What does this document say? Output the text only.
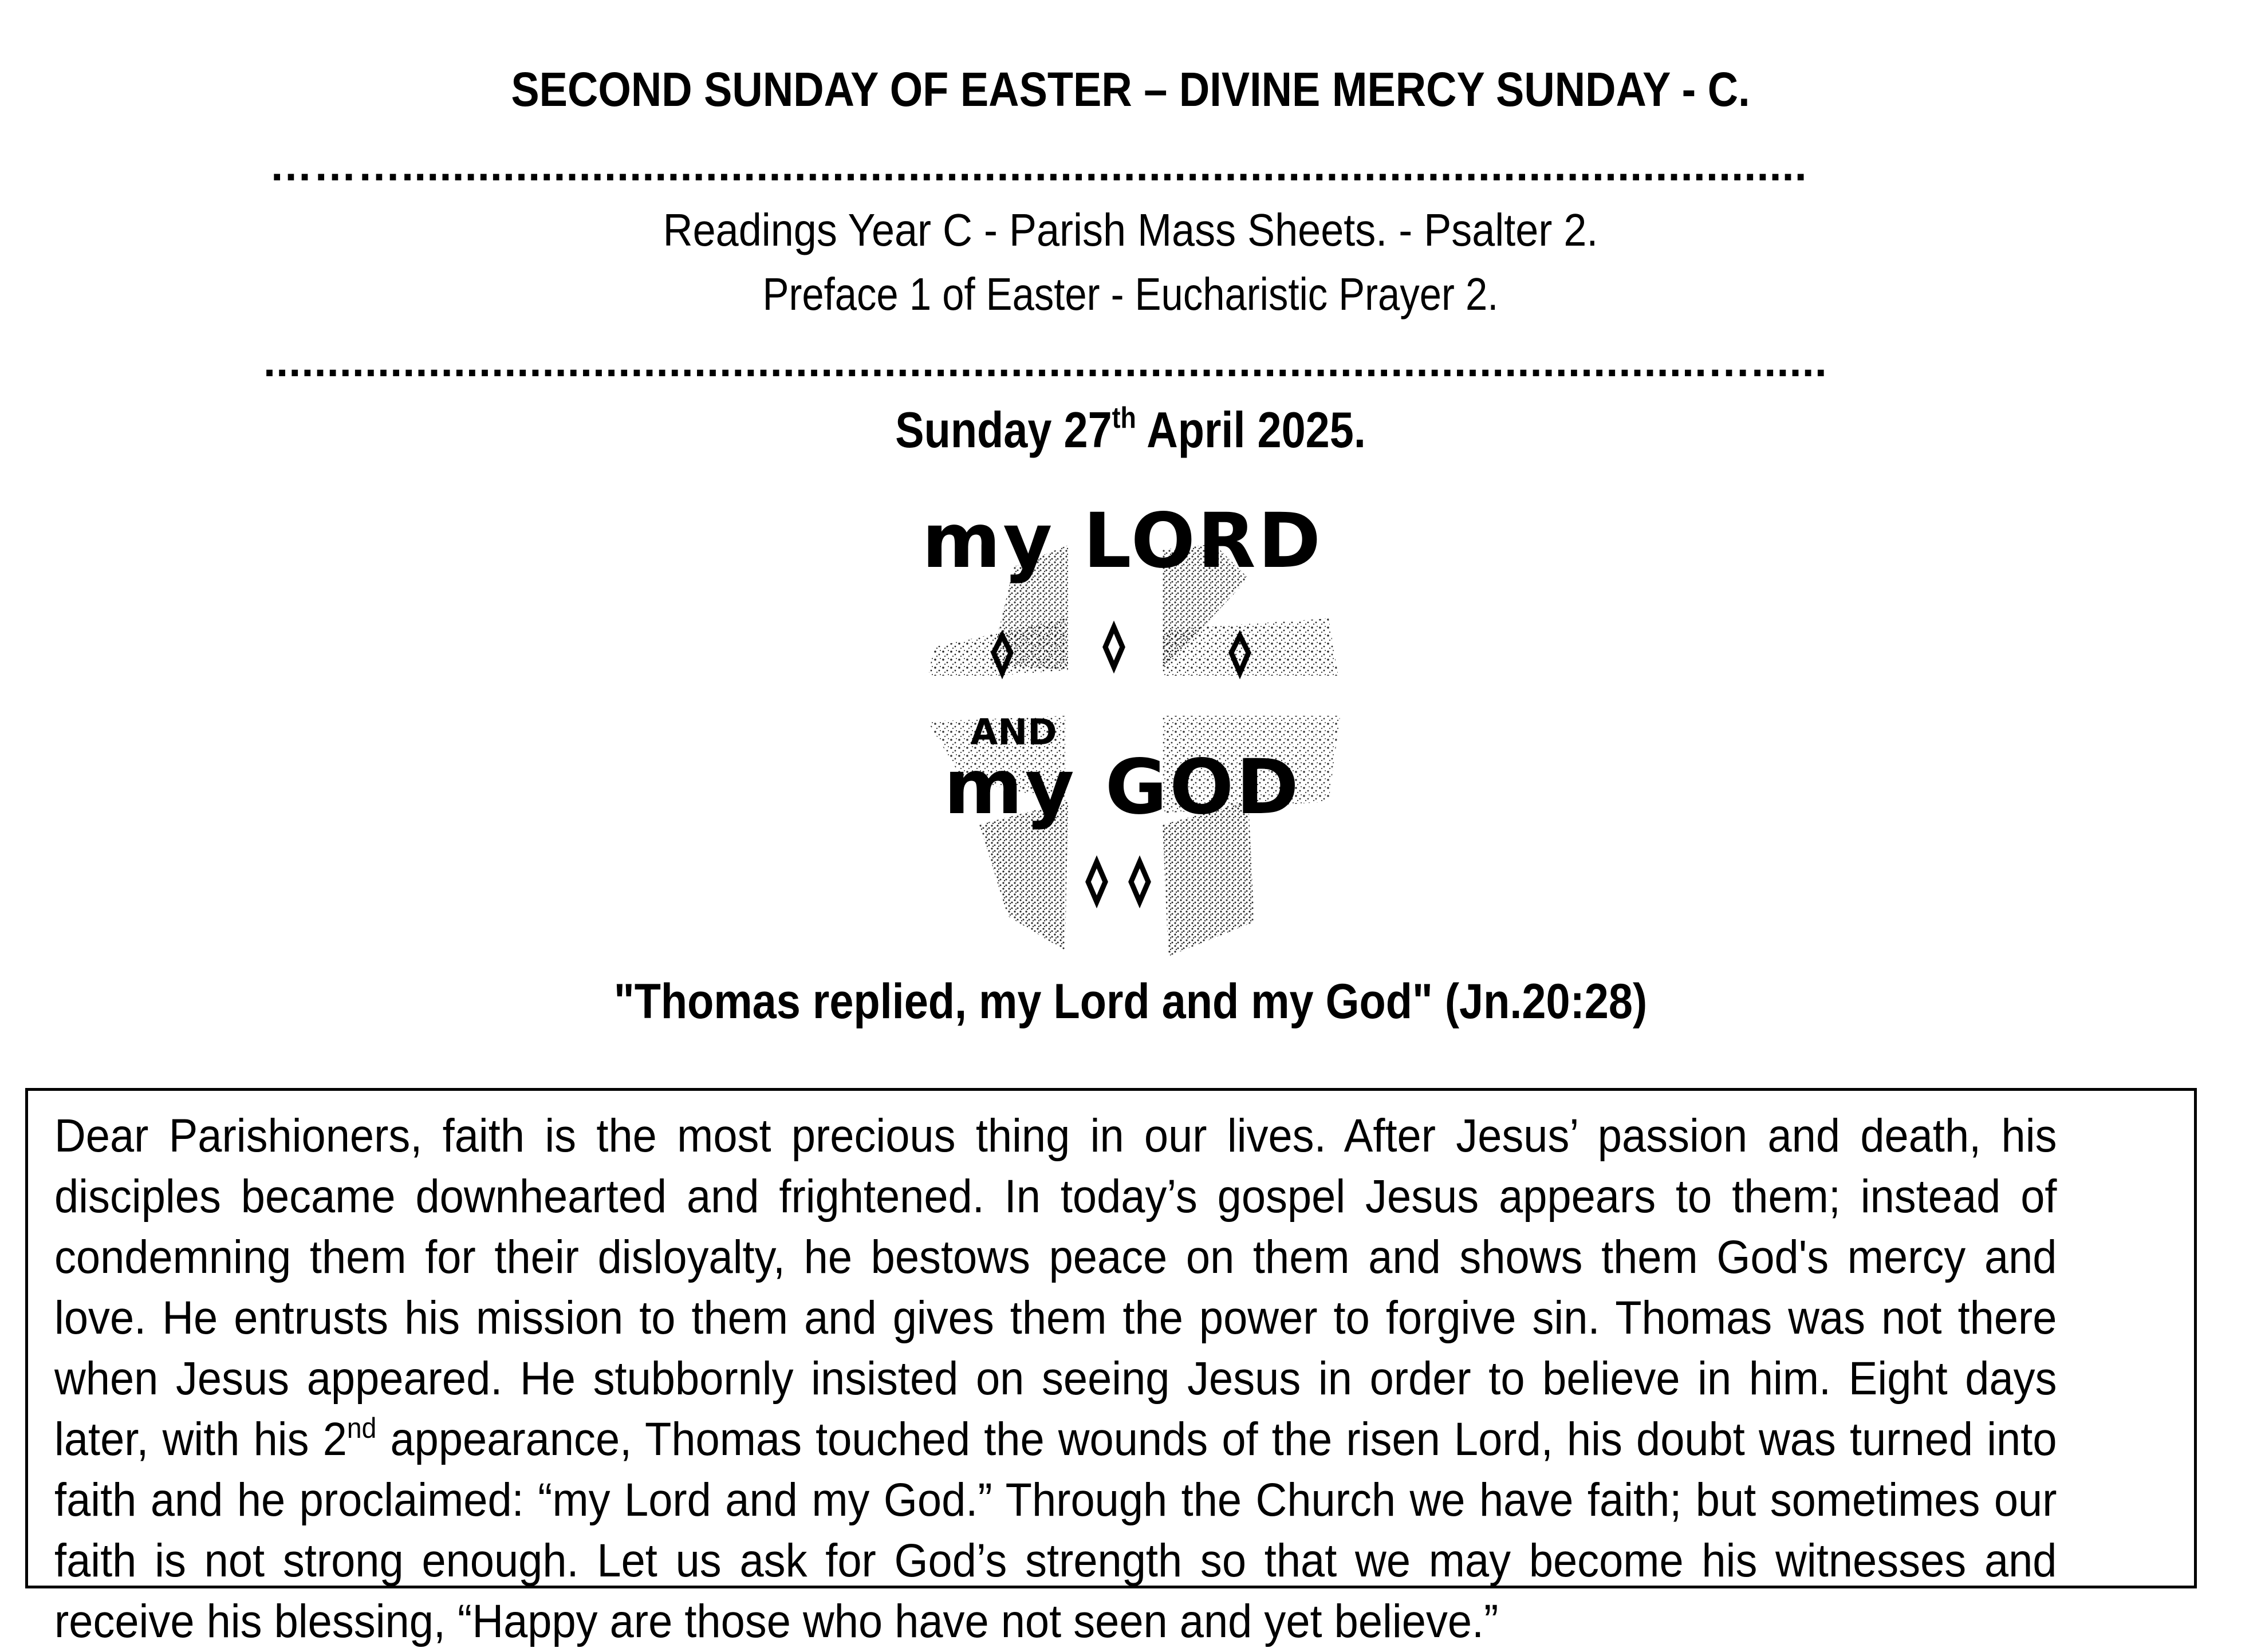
SECOND SUNDAY OF EASTER – DIVINE MERCY SUNDAY - C.
………...............................................................................................................
Readings Year C - Parish Mass Sheets. - Psalter 2.
Preface 1 of Easter - Eucharistic Prayer 2.
..................................................................................................................…......
Sunday 27th April 2025.
my LORD
AND
my GOD
"Thomas replied, my Lord and my God" (Jn.20:28)
Dear Parishioners, faith is the most precious thing in our lives. After Jesus’ passion and death, his disciples became downhearted and frightened. In today’s gospel Jesus appears to them; instead of condemning them for their disloyalty, he bestows peace on them and shows them God's mercy and love. He entrusts his mission to them and gives them the power to forgive sin. Thomas was not there when Jesus appeared. He stubbornly insisted on seeing Jesus in order to believe in him. Eight days later, with his 2nd appearance, Thomas touched the wounds of the risen Lord, his doubt was turned into faith and he proclaimed: “my Lord and my God.” Through the Church we have faith; but sometimes our faith is not strong enough. Let us ask for God’s strength so that we may become his witnesses and receive his blessing, “Happy are those who have not seen and yet believe.”
